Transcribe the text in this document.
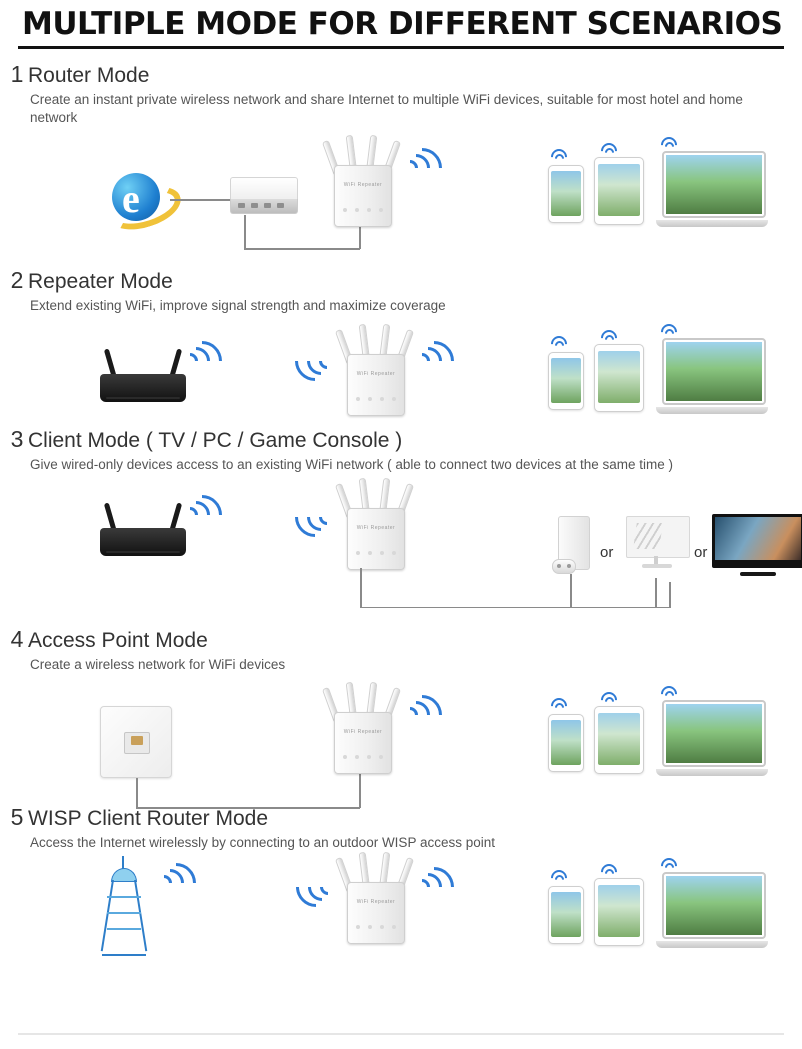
MULTIPLE MODE FOR DIFFERENT SCENARIOS
1 Router Mode
Create an instant private wireless network and share Internet to multiple WiFi devices, suitable for most hotel and home network
e	WiFi Repeater
2 Repeater Mode
Extend existing WiFi, improve signal strength and maximize coverage
WiFi Repeater
3 Client Mode ( TV / PC / Game Console )
Give wired-only devices access to an existing WiFi network ( able to connect two devices at the same time )
WiFi Repeater
or	or
4 Access Point Mode
Create a wireless network for WiFi devices
WiFi Repeater
5 WISP Client Router Mode
Access the Internet wirelessly by connecting to an outdoor WISP access point
WiFi Repeater
